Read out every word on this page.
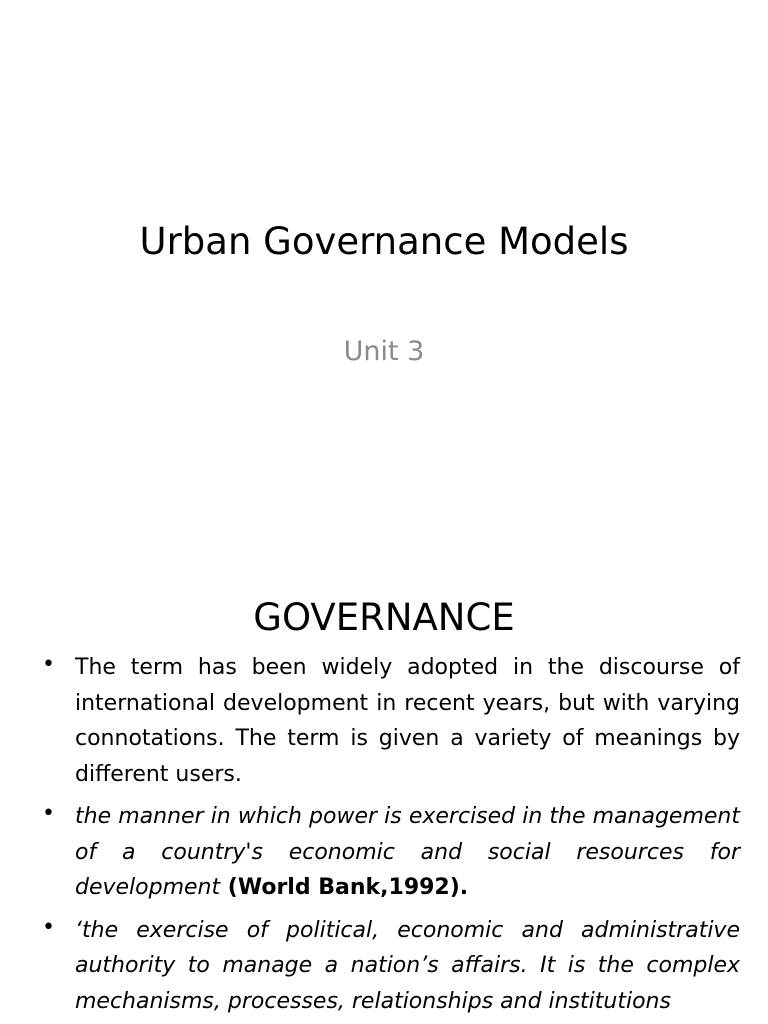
Urban Governance Models
Unit 3
GOVERNANCE
• The term has been widely adopted in the discourse of international development in recent years, but with varying connotations. The term is given a variety of meanings by different users.
• the manner in which power is exercised in the management of a country's economic and social resources for development (World Bank,1992).
• ‘the exercise of political, economic and administrative authority to manage a nation’s affairs. It is the complex mechanisms, processes, relationships and institutions
